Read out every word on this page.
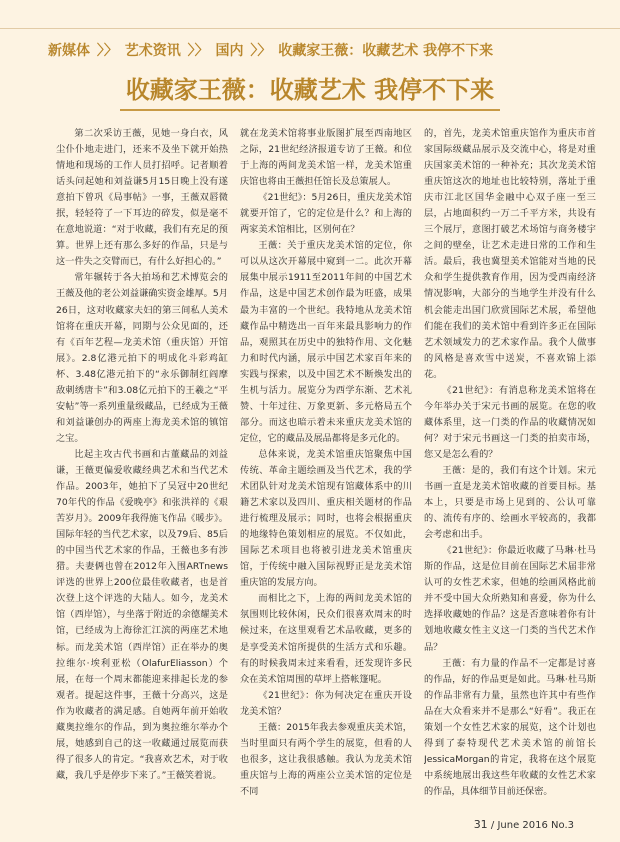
新媒体 〉〉 艺术资讯 〉〉 国内 〉〉 收藏家王薇：收藏艺术 我停不下来
收藏家王薇：收藏艺术 我停不下来

第二次采访王薇，见她一身白衣，风尘仆仆地走进门，还来不及坐下就开始热情地和现场的工作人员打招呼。记者顺着话头问起她和刘益谦5月15日晚上没有遂意拍下曾巩《局事帖》一事，王薇双唇微抿，轻轻符了一下耳边的碎发，似是毫不在意地说道：“对于收藏，我们有充足的预算。世界上还有那么多好的作品，只是与这一件失之交臂而已，有什么好担心的。”

常年辗转于各大拍场和艺术博览会的王薇及他的老公刘益谦确实资金雄厚。5月26日，这对收藏家夫妇的第三间私人美术馆将在重庆开幕，同期与公众见面的，还有《百年艺程—龙美术馆（重庆馆）开馆展》。2.8亿港元拍下的明成化斗彩鸡缸杯、3.48亿港元拍下的“永乐御制红阎摩敌刺绣唐卡”和3.08亿元拍下的王羲之“平安帖”等一系列重量级藏品，已经成为王薇和刘益谦创办的两座上海龙美术馆的镇馆之宝。

比起主攻古代书画和古董藏品的刘益谦，王薇更偏爱收藏经典艺术和当代艺术作品。2003年，她拍下了吴冠中20世纪70年代的作品《爱晚亭》和张洪祥的《艰苦岁月》。2009年我得施飞作品《暖步》。国际年轻的当代艺术家，以及79后、85后的中国当代艺术家的作品，王薇也多有涉猎。夫妻俩也曾在2012年入围ARTnews评选的世界上200位最佳收藏者，也是首次登上这个评选的大陆人。如今，龙美术馆（西岸馆），与坐落于附近的余德耀美术馆，已经成为上海徐汇江滨的两座艺术地标。而龙美术馆（西岸馆）正在举办的奥拉维尔·埃利亚松（OlafurEliasson）个展，在每一个周末都能迎来排起长龙的参观者。提起这件事，王薇十分高兴，这是作为收藏者的满足感。自她两年前开始收藏奥拉维尔的作品，到为奥拉维尔举办个展，她感到自己的这一收藏通过展览而获得了很多人的肯定。“我喜欢艺术，对于收藏，我几乎是停步下来了。”王薇笑着说。

就在龙美术馆将事业版图扩展至西南地区之际，21世纪经济报道专访了王薇。和位于上海的两间龙美术馆一样，龙美术馆重庆馆也将由王薇担任馆长及总策展人。

《21世纪》：5月26日，重庆龙美术馆就要开馆了，它的定位是什么？和上海的两家美术馆相比，区别何在？

王薇：关于重庆龙美术馆的定位，你可以从这次开幕展中窥到一二。此次开幕展集中展示1911至2011年间的中国艺术作品，这是中国艺术创作最为旺盛，成果最为丰富的一个世纪。我特地从龙美术馆藏作品中精选出一百年来最具影响力的作品，观照其在历史中的独特作用、文化魅力和时代内涵，展示中国艺术家百年来的实践与探索，以及中国艺术不断焕发出的生机与活力。展览分为西学东渐、艺术礼赞、十年过往、万象更新、多元格局五个部分。而这也暗示着未来重庆龙美术馆的定位，它的藏品及展品都将是多元化的。

总体来说，龙美术馆重庆馆聚焦中国传统、革命主题绘画及当代艺术，我的学术团队针对龙美术馆现有馆藏体系中的川籍艺术家以及四川、重庆相关题材的作品进行梳理及展示；同时，也将会根据重庆的地缘特色策划相应的展览。不仅如此，国际艺术项目也将被引进龙美术馆重庆馆，于传统中融入国际视野正是龙美术馆重庆馆的发展方向。

而相比之下，上海的两间龙美术馆的氛围则比较休闲，民众们很喜欢周末的时候过来，在这里观看艺术品收藏，更多的是享受美术馆所提供的生活方式和乐趣。有的时候我周末过来看看，还发现许多民众在美术馆周围的草坪上搭帐篷呢。

《21世纪》：你为何决定在重庆开设龙美术馆？

王薇：2015年我去参观重庆美术馆，当时里面只有两个学生的展览，但看的人也很多，这让我很感触。我认为龙美术馆重庆馆与上海的两座公立美术馆的定位是不同

的，首先，龙美术馆重庆馆作为重庆市首家国际级藏品展示及交流中心，将是对重庆国家美术馆的一种补充；其次龙美术馆重庆馆这次的地址也比较特别，落址于重庆市江北区国华金融中心双子座一至三层，占地面积约一万二千平方米，共设有三个展厅，意图打破艺术场馆与商务楼宇之间的壁垒，让艺术走进日常的工作和生活。最后，我也冀望美术馆能对当地的民众和学生提供教育作用，因为受西南经济情况影响，大部分的当地学生并没有什么机会能走出国门欣赏国际艺术展，希望他们能在我们的美术馆中看到许多正在国际艺术领域发力的艺术家作品。我个人做事的风格是喜欢雪中送炭，不喜欢锦上添花。

《21世纪》：有消息称龙美术馆将在今年举办关于宋元书画的展览。在您的收藏体系里，这一门类的作品的收藏情况如何？对于宋元书画这一门类的拍卖市场，您又是怎么看的？

王薇：是的，我们有这个计划。宋元书画一直是龙美术馆收藏的首要目标。基本上，只要是市场上见到的、公认可靠的、流传有序的、绘画水平较高的，我都会考虑和出手。

《21世纪》：你最近收藏了马琳·杜马斯的作品，这是位目前在国际艺术届非常认可的女性艺术家，但她的绘画风格此前并不受中国大众所熟知和喜爱，你为什么选择收藏她的作品？这是否意味着你有计划地收藏女性主义这一门类的当代艺术作品？

王薇：有力量的作品不一定都是讨喜的作品，好的作品更是如此。马琳·杜马斯的作品非常有力量，虽然也许其中有些作品在大众看来并不是那么“好看”。我正在策划一个女性艺术家的展览，这个计划也得到了泰特现代艺术美术馆的前馆长JessicaMorgan的肯定，我将在这个展览中系统地展出我这些年收藏的女性艺术家的作品，具体细节目前还保密。

31 / June 2016 No.3
